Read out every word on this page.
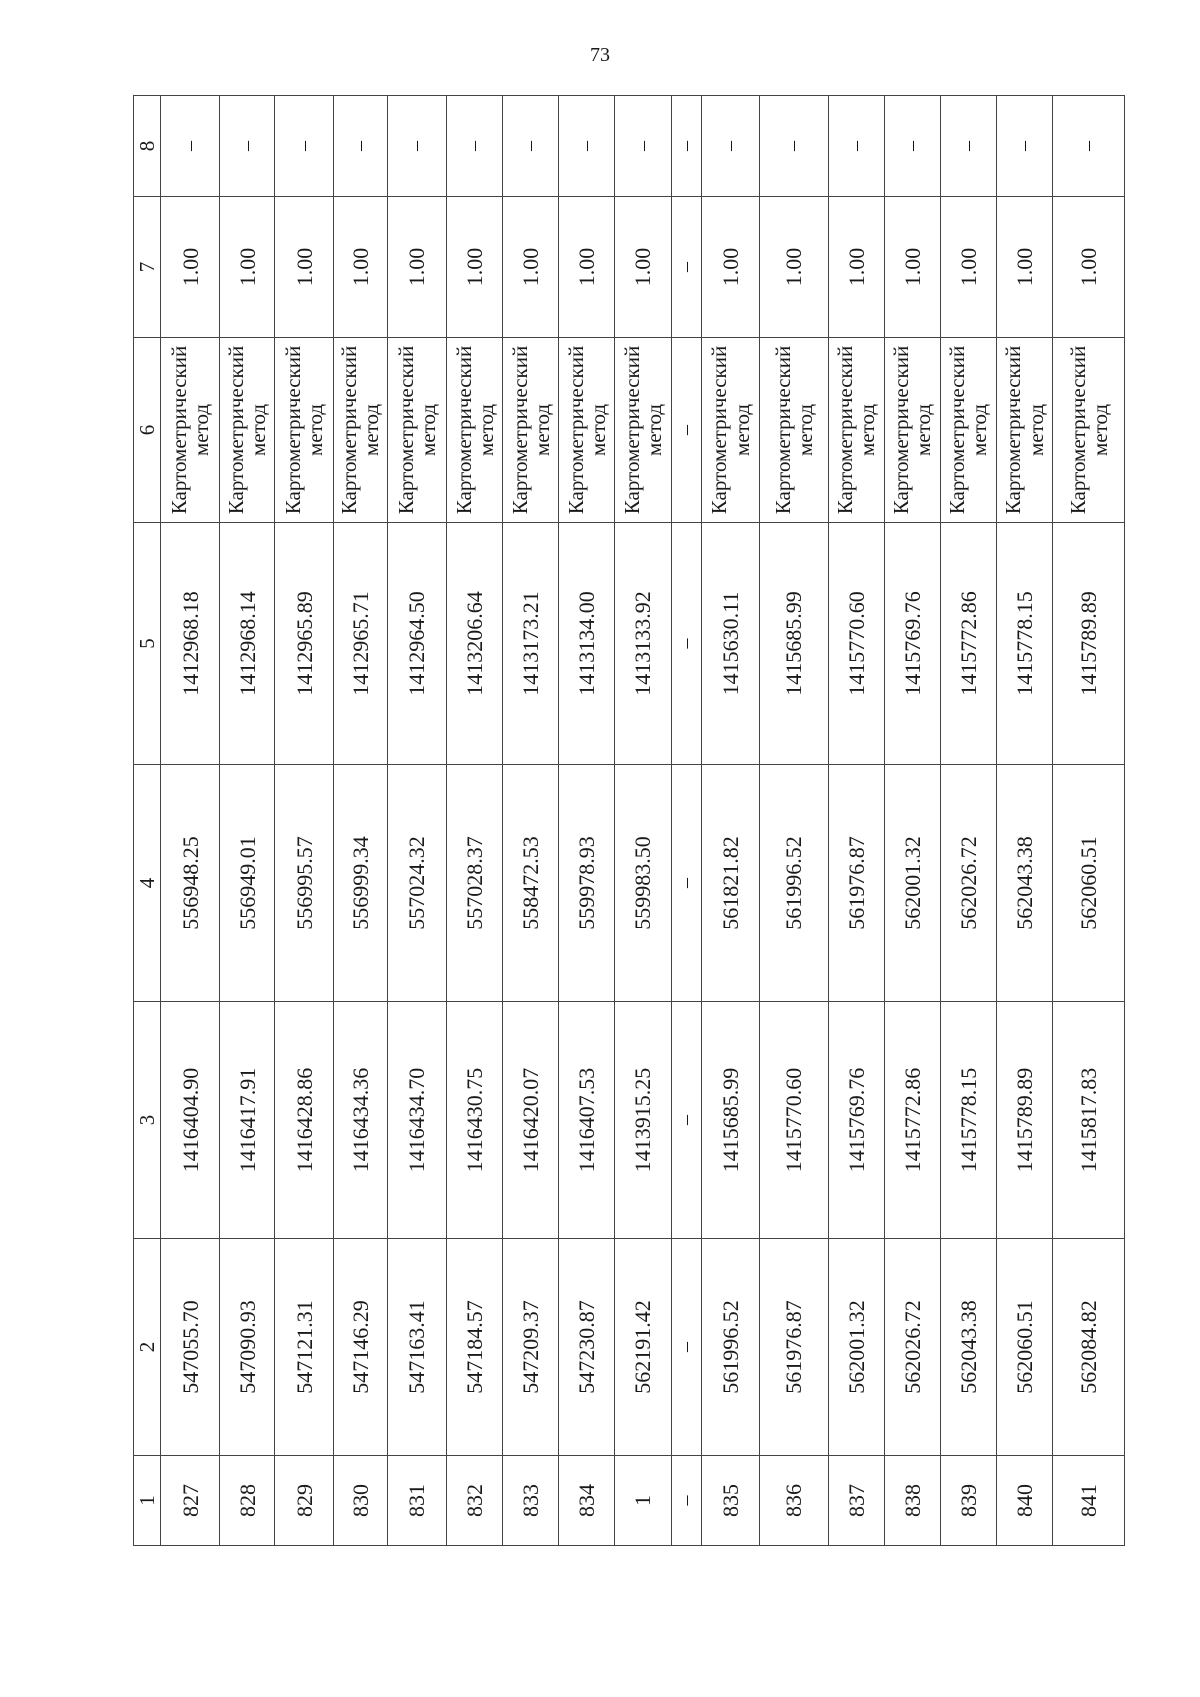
73
1	2	3	4	5	6	7	8
827	547055.70	1416404.90	556948.25	1412968.18	Картометрический метод	1.00	–
828	547090.93	1416417.91	556949.01	1412968.14	Картометрический метод	1.00	–
829	547121.31	1416428.86	556995.57	1412965.89	Картометрический метод	1.00	–
830	547146.29	1416434.36	556999.34	1412965.71	Картометрический метод	1.00	–
831	547163.41	1416434.70	557024.32	1412964.50	Картометрический метод	1.00	–
832	547184.57	1416430.75	557028.37	1413206.64	Картометрический метод	1.00	–
833	547209.37	1416420.07	558472.53	1413173.21	Картометрический метод	1.00	–
834	547230.87	1416407.53	559978.93	1413134.00	Картометрический метод	1.00	–
1	562191.42	1413915.25	559983.50	1413133.92	Картометрический метод	1.00	–
–	–	–	–	–	–	–	–
835	561996.52	1415685.99	561821.82	1415630.11	Картометрический метод	1.00	–
836	561976.87	1415770.60	561996.52	1415685.99	Картометрический метод	1.00	–
837	562001.32	1415769.76	561976.87	1415770.60	Картометрический метод	1.00	–
838	562026.72	1415772.86	562001.32	1415769.76	Картометрический метод	1.00	–
839	562043.38	1415778.15	562026.72	1415772.86	Картометрический метод	1.00	–
840	562060.51	1415789.89	562043.38	1415778.15	Картометрический метод	1.00	–
841	562084.82	1415817.83	562060.51	1415789.89	Картометрический метод	1.00	–
